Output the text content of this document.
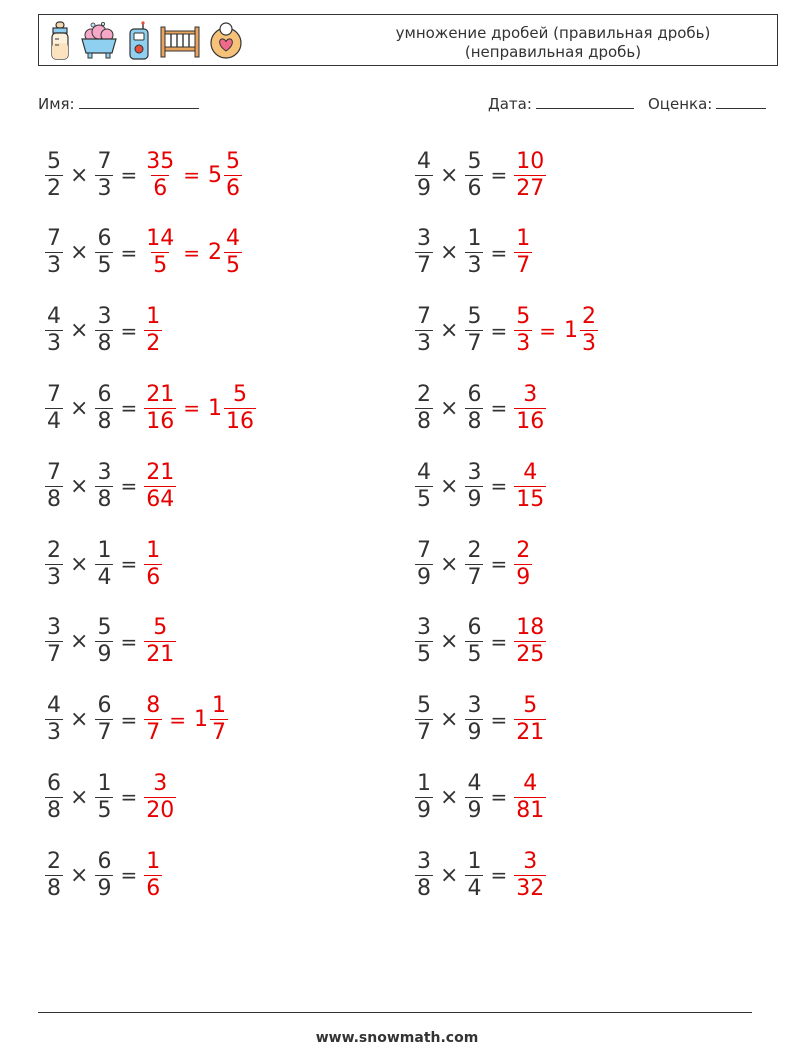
умножение дробей (правильная дробь)
(неправильная дробь)
Имя:	Дата:	Оценка:
$\frac{5}{2} \times \frac{7}{3} = \frac{35}{6} = 5 \frac{5}{6}$	$\frac{4}{9} \times \frac{5}{6} = \frac{10}{27}$
$\frac{7}{3} \times \frac{6}{5} = \frac{14}{5} = 2 \frac{4}{5}$	$\frac{3}{7} \times \frac{1}{3} = \frac{1}{7}$
$\frac{4}{3} \times \frac{3}{8} = \frac{1}{2}$	$\frac{7}{3} \times \frac{5}{7} = \frac{5}{3} = 1 \frac{2}{3}$
$\frac{7}{4} \times \frac{6}{8} = \frac{21}{16} = 1 \frac{5}{16}$	$\frac{2}{8} \times \frac{6}{8} = \frac{3}{16}$
$\frac{7}{8} \times \frac{3}{8} = \frac{21}{64}$	$\frac{4}{5} \times \frac{3}{9} = \frac{4}{15}$
$\frac{2}{3} \times \frac{1}{4} = \frac{1}{6}$	$\frac{7}{9} \times \frac{2}{7} = \frac{2}{9}$
$\frac{3}{7} \times \frac{5}{9} = \frac{5}{21}$	$\frac{3}{5} \times \frac{6}{5} = \frac{18}{25}$
$\frac{4}{3} \times \frac{6}{7} = \frac{8}{7} = 1 \frac{1}{7}$	$\frac{5}{7} \times \frac{3}{9} = \frac{5}{21}$
$\frac{6}{8} \times \frac{1}{5} = \frac{3}{20}$	$\frac{1}{9} \times \frac{4}{9} = \frac{4}{81}$
$\frac{2}{8} \times \frac{6}{9} = \frac{1}{6}$	$\frac{3}{8} \times \frac{1}{4} = \frac{3}{32}$
www.snowmath.com
